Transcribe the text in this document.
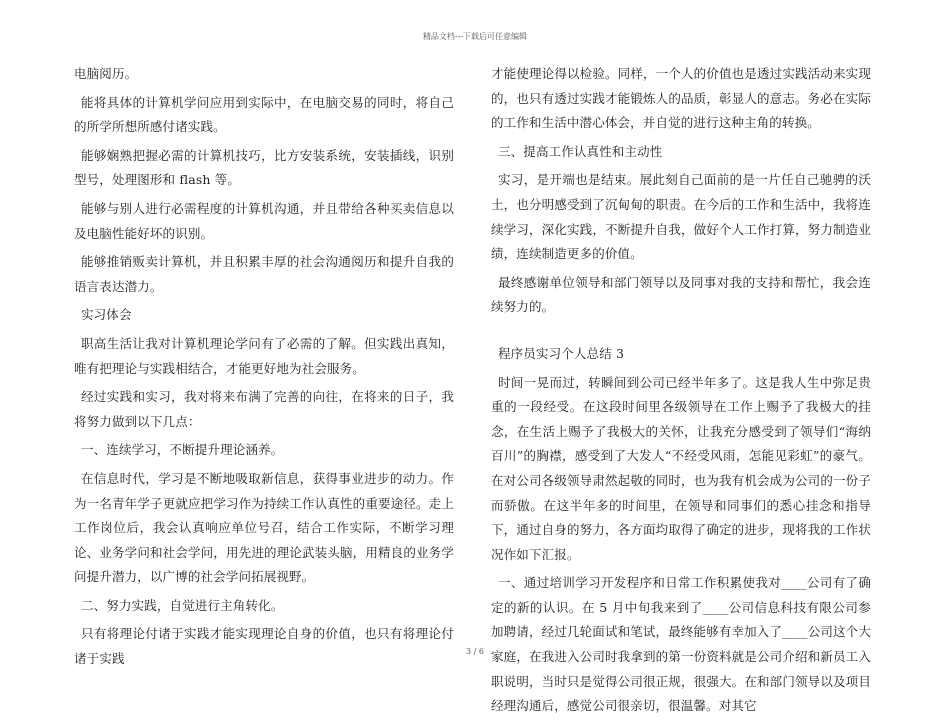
精品文档---下载后可任意编辑

电脑阅历。

能将具体的计算机学问应用到实际中，在电脑交易的同时，将自己的所学所想所感付诸实践。

能够娴熟把握必需的计算机技巧，比方安装系统，安装插线，识别型号，处理图形和 flash 等。

能够与别人进行必需程度的计算机沟通，并且带给各种买卖信息以及电脑性能好坏的识别。

能够推销贩卖计算机，并且积累丰厚的社会沟通阅历和提升自我的语言表达潜力。

实习体会

职高生活让我对计算机理论学问有了必需的了解。但实践出真知，唯有把理论与实践相结合，才能更好地为社会服务。

经过实践和实习，我对将来布满了完善的向往，在将来的日子，我将努力做到以下几点：

一、连续学习，不断提升理论涵养。

在信息时代，学习是不断地吸取新信息，获得事业进步的动力。作为一名青年学子更就应把学习作为持续工作认真性的重要途径。走上工作岗位后，我会认真响应单位号召，结合工作实际，不断学习理论、业务学问和社会学问，用先进的理论武装头脑，用精良的业务学问提升潜力，以广博的社会学问拓展视野。

二、努力实践，自觉进行主角转化。

只有将理论付诸于实践才能实现理论自身的价值，也只有将理论付诸于实践

才能使理论得以检验。同样，一个人的价值也是透过实践活动来实现的，也只有透过实践才能锻炼人的品质，彰显人的意志。务必在实际的工作和生活中潜心体会，并自觉的进行这种主角的转换。

三、提高工作认真性和主动性

实习，是开端也是结束。展此刻自己面前的是一片任自己驰骋的沃土，也分明感受到了沉甸甸的职责。在今后的工作和生活中，我将连续学习，深化实践，不断提升自我，做好个人工作打算，努力制造业绩，连续制造更多的价值。

最终感谢单位领导和部门领导以及同事对我的支持和帮忙，我会连续努力的。

程序员实习个人总结 3

时间一晃而过，转瞬间到公司已经半年多了。这是我人生中弥足贵重的一段经受。在这段时间里各级领导在工作上赐予了我极大的挂念，在生活上赐予了我极大的关怀，让我充分感受到了领导们“海纳百川”的胸襟，感受到了大发人“不经受风雨，怎能见彩虹”的豪气。在对公司各级领导肃然起敬的同时，也为我有机会成为公司的一份子而骄傲。在这半年多的时间里，在领导和同事们的悉心挂念和指导下，通过自身的努力，各方面均取得了确定的进步，现将我的工作状况作如下汇报。

一、通过培训学习开发程序和日常工作积累使我对____公司有了确定的新的认识。在 5 月中旬我来到了____公司信息科技有限公司参加聘请，经过几轮面试和笔试，最终能够有幸加入了____公司这个大家庭，在我进入公司时我拿到的第一份资料就是公司介绍和新员工入职说明，当时只是觉得公司很正规，很强大。在和部门领导以及项目经理沟通后，感觉公司很亲切，很温馨。对其它

3 / 6
